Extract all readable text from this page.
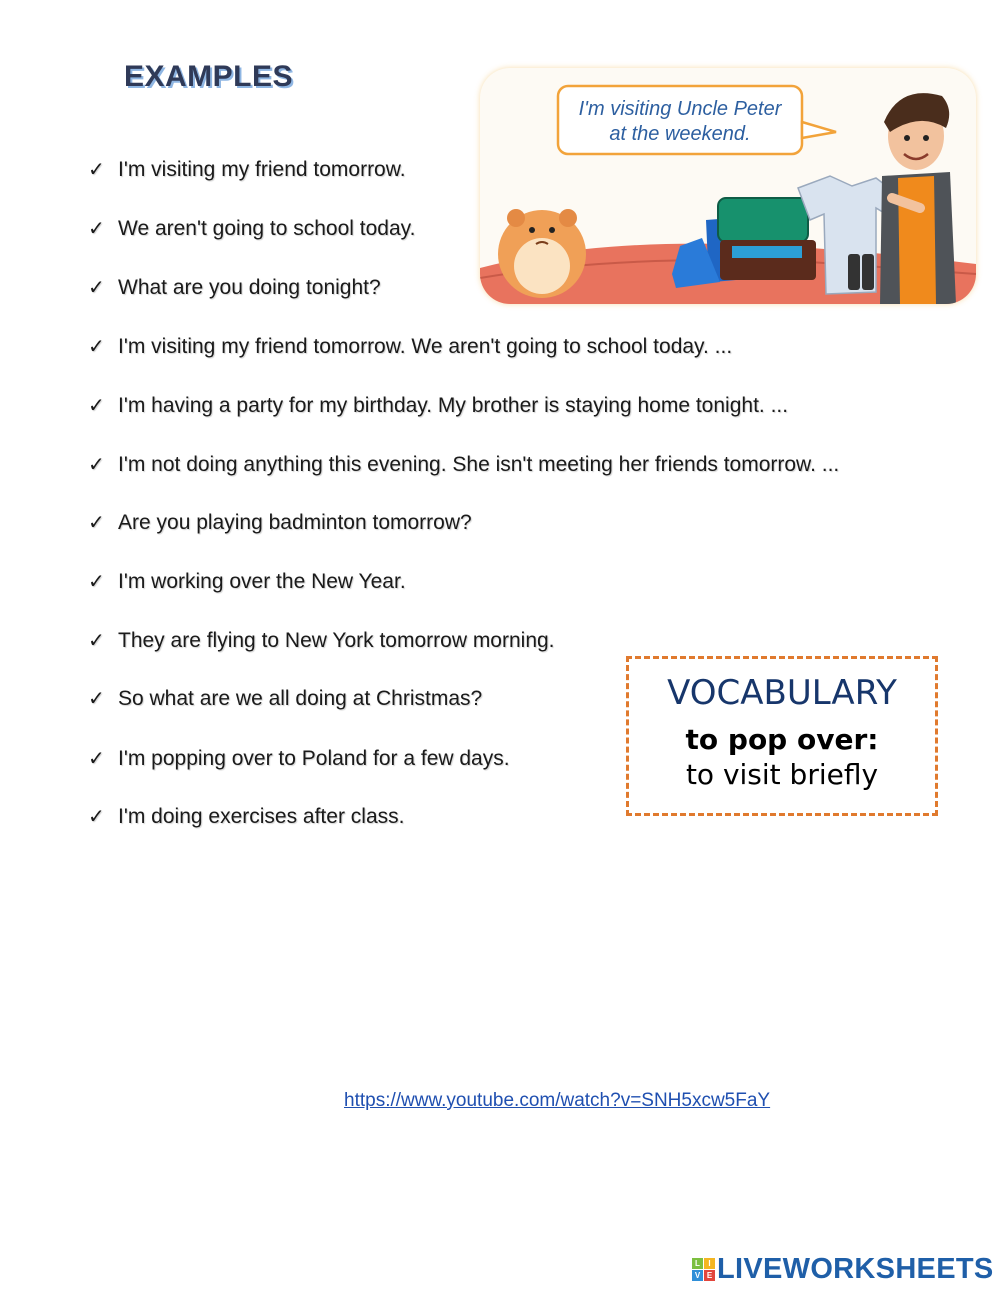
EXAMPLES
✓ I'm visiting my friend tomorrow.
✓ We aren't going to school today.
✓ What are you doing tonight?
✓ I'm visiting my friend tomorrow. We aren't going to school today. ...
✓ I'm having a party for my birthday. My brother is staying home tonight. ...
✓ I'm not doing anything this evening. She isn't meeting her friends tomorrow. ...
✓ Are you playing badminton tomorrow?
✓ I'm working over the New Year.
✓ They are flying to New York tomorrow morning.
✓ So what are we all doing at Christmas?
✓ I'm popping over to Poland for a few days.
✓ I'm doing exercises after class.
I'm visiting Uncle Peter
at the weekend.
VOCABULARY
to pop over:
to visit briefly
https://www.youtube.com/watch?v=SNH5xcw5FaY
L	I
V E LIVEWORKSHEETS
